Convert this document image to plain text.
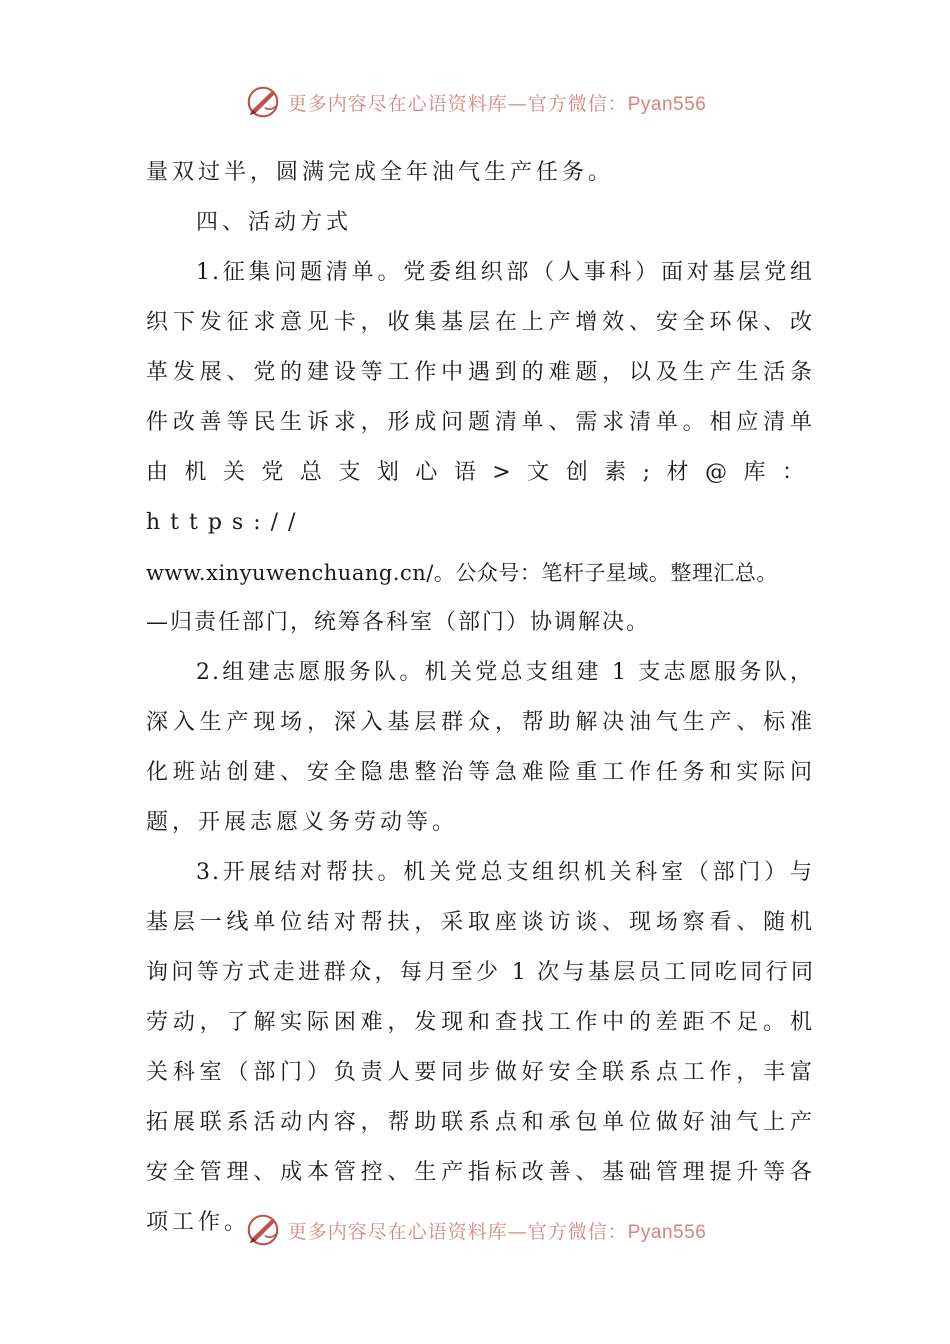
更多内容尽在心语资料库—官方微信：Pyan556
量双过半，圆满完成全年油气生产任务。
四、活动方式
1.征集问题清单。党委组织部（人事科）面对基层党组
织下发征求意见卡，收集基层在上产增效、安全环保、改
革发展、党的建设等工作中遇到的难题，以及生产生活条
件改善等民生诉求，形成问题清单、需求清单。相应清单
由机关党总支划心语>文创素;材@库： https://
www.xinyuwenchuang.cn/。公众号：笔杆子星域。整理汇总。
—归责任部门，统筹各科室（部门）协调解决。
2.组建志愿服务队。机关党总支组建 1 支志愿服务队，
深入生产现场，深入基层群众，帮助解决油气生产、标准
化班站创建、安全隐患整治等急难险重工作任务和实际问
题，开展志愿义务劳动等。
3.开展结对帮扶。机关党总支组织机关科室（部门）与
基层一线单位结对帮扶，采取座谈访谈、现场察看、随机
询问等方式走进群众，每月至少 1 次与基层员工同吃同行同
劳动，了解实际困难，发现和查找工作中的差距不足。机
关科室（部门）负责人要同步做好安全联系点工作，丰富
拓展联系活动内容，帮助联系点和承包单位做好油气上产
安全管理、成本管控、生产指标改善、基础管理提升等各
项工作。	更多内容尽在心语资料库—官方微信：Pyan556
